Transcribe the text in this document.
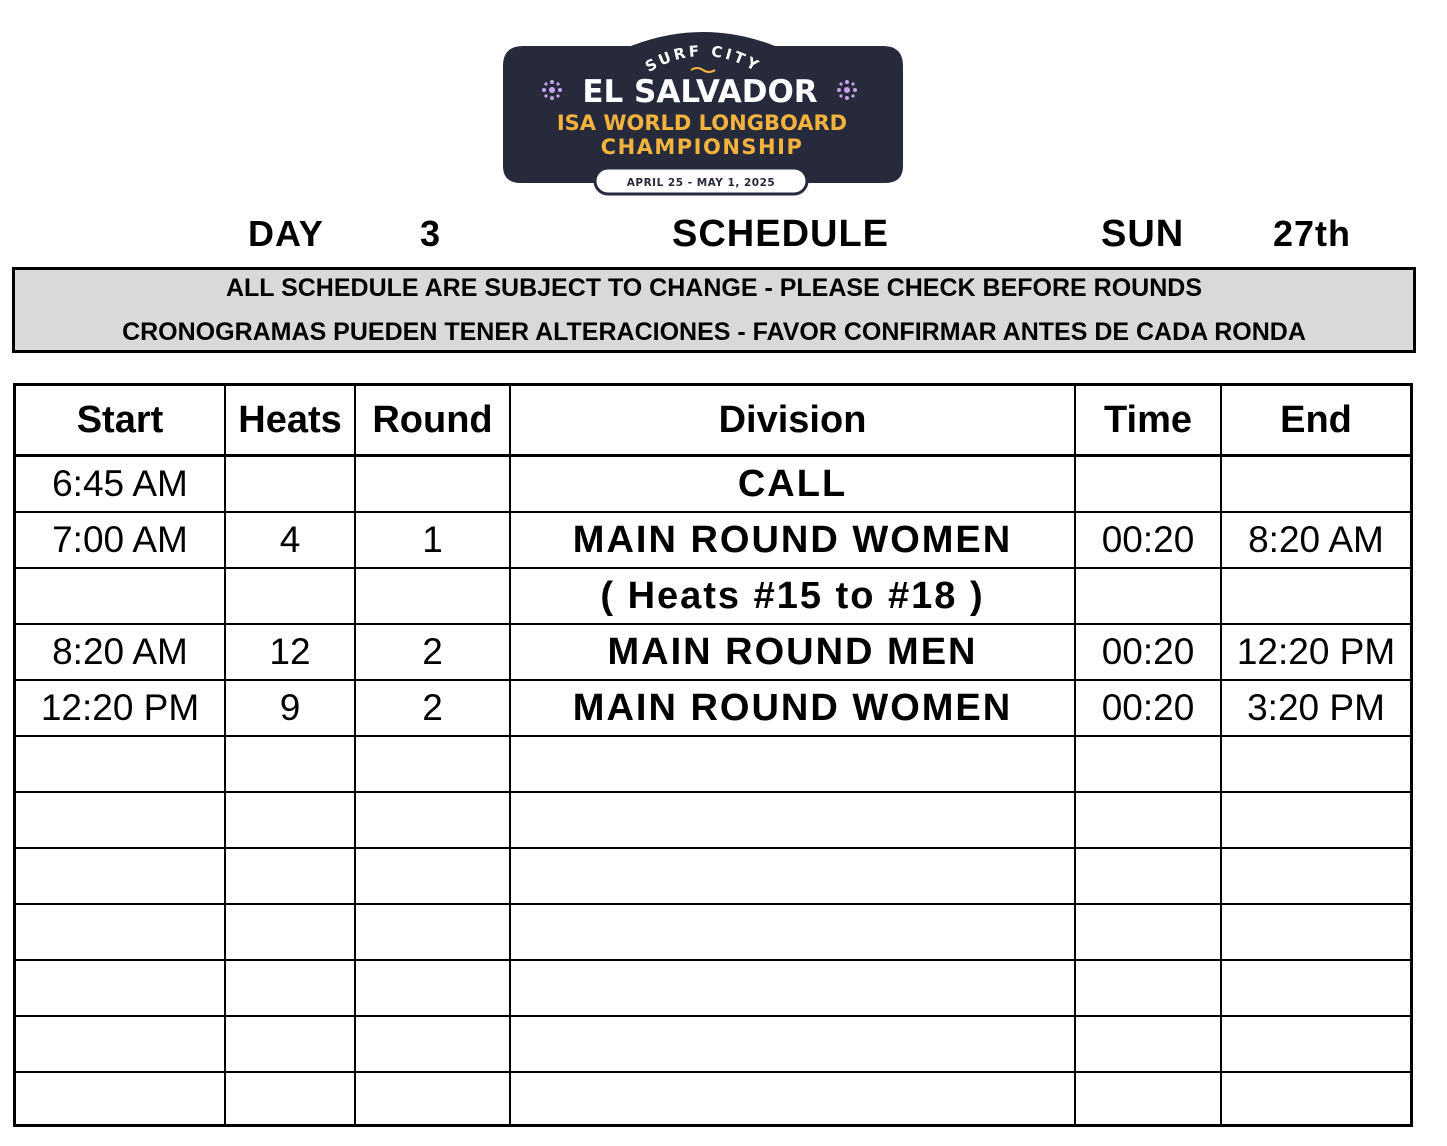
SURF CITY
EL SALVADOR
ISA WORLD LONGBOARD
CHAMPIONSHIP
APRIL 25 - MAY 1, 2025
DAY	3	SCHEDULE	SUN 27th
ALL SCHEDULE ARE SUBJECT TO CHANGE - PLEASE CHECK BEFORE ROUNDS
CRONOGRAMAS PUEDEN TENER ALTERACIONES - FAVOR CONFIRMAR ANTES DE CADA RONDA
Start	Heats	Round	Division	Time	End
6:45 AM			CALL		
7:00 AM	4	1	MAIN ROUND WOMEN	00:20	8:20 AM
			( Heats #15 to #18 )		
8:20 AM	12	2	MAIN ROUND MEN	00:20	12:20 PM
12:20 PM	9	2	MAIN ROUND WOMEN	00:20	3:20 PM
